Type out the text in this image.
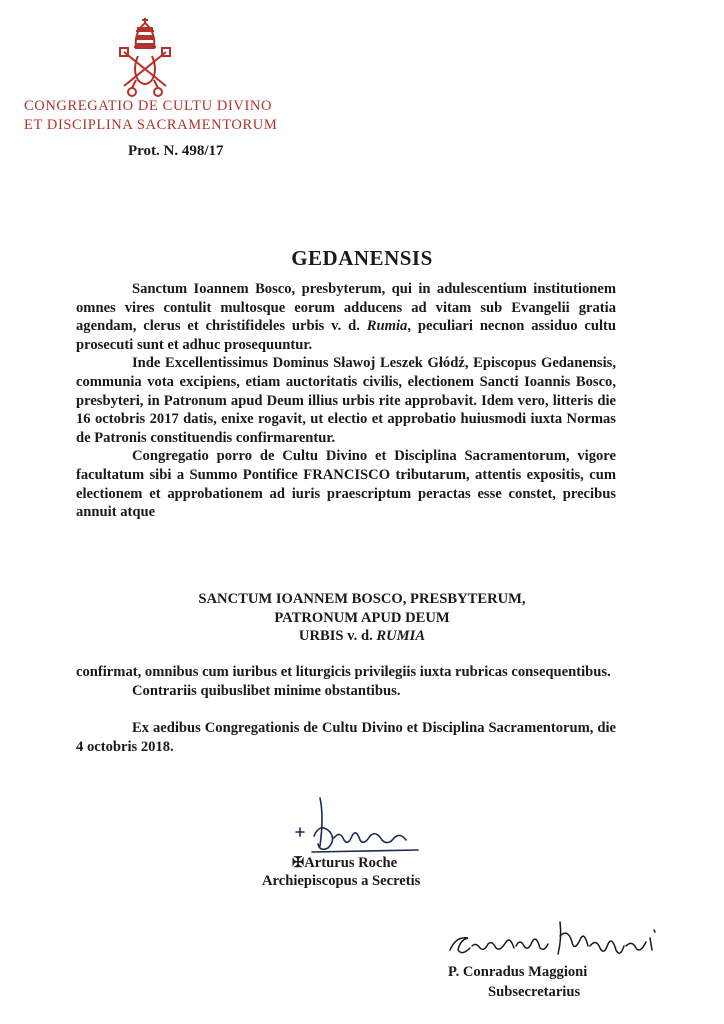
CONGREGATIO DE CULTU DIVINO
ET DISCIPLINA SACRAMENTORUM
Prot. N. 498/17
GEDANENSIS

Sanctum Ioannem Bosco, presbyterum, qui in adulescentium institutionem omnes vires contulit multosque eorum adducens ad vitam sub Evangelii gratia agendam, clerus et christifideles urbis v. d. Rumia, peculiari necnon assiduo cultu prosecuti sunt et adhuc prosequuntur.

Inde Excellentissimus Dominus Sławoj Leszek Głódź, Episcopus Gedanensis, communia vota excipiens, etiam auctoritatis civilis, electionem Sancti Ioannis Bosco, presbyteri, in Patronum apud Deum illius urbis rite approbavit. Idem vero, litteris die 16 octobris 2017 datis, enixe rogavit, ut electio et approbatio huiusmodi iuxta Normas de Patronis constituendis confirmarentur.

Congregatio porro de Cultu Divino et Disciplina Sacramentorum, vigore facultatum sibi a Summo Pontifice FRANCISCO tributarum, attentis expositis, cum electionem et approbationem ad iuris praescriptum peractas esse constet, precibus annuit atque

SANCTUM IOANNEM BOSCO, PRESBYTERUM,
PATRONUM APUD DEUM
URBIS v. d. RUMIA

confirmat, omnibus cum iuribus et liturgicis privilegiis iuxta rubricas consequentibus.

Contrariis quibuslibet minime obstantibus.

Ex aedibus Congregationis de Cultu Divino et Disciplina Sacramentorum, die 4 octobris 2018.

✠Arturus Roche
Archiepiscopus a Secretis
P. Conradus Maggioni
Subsecretarius
